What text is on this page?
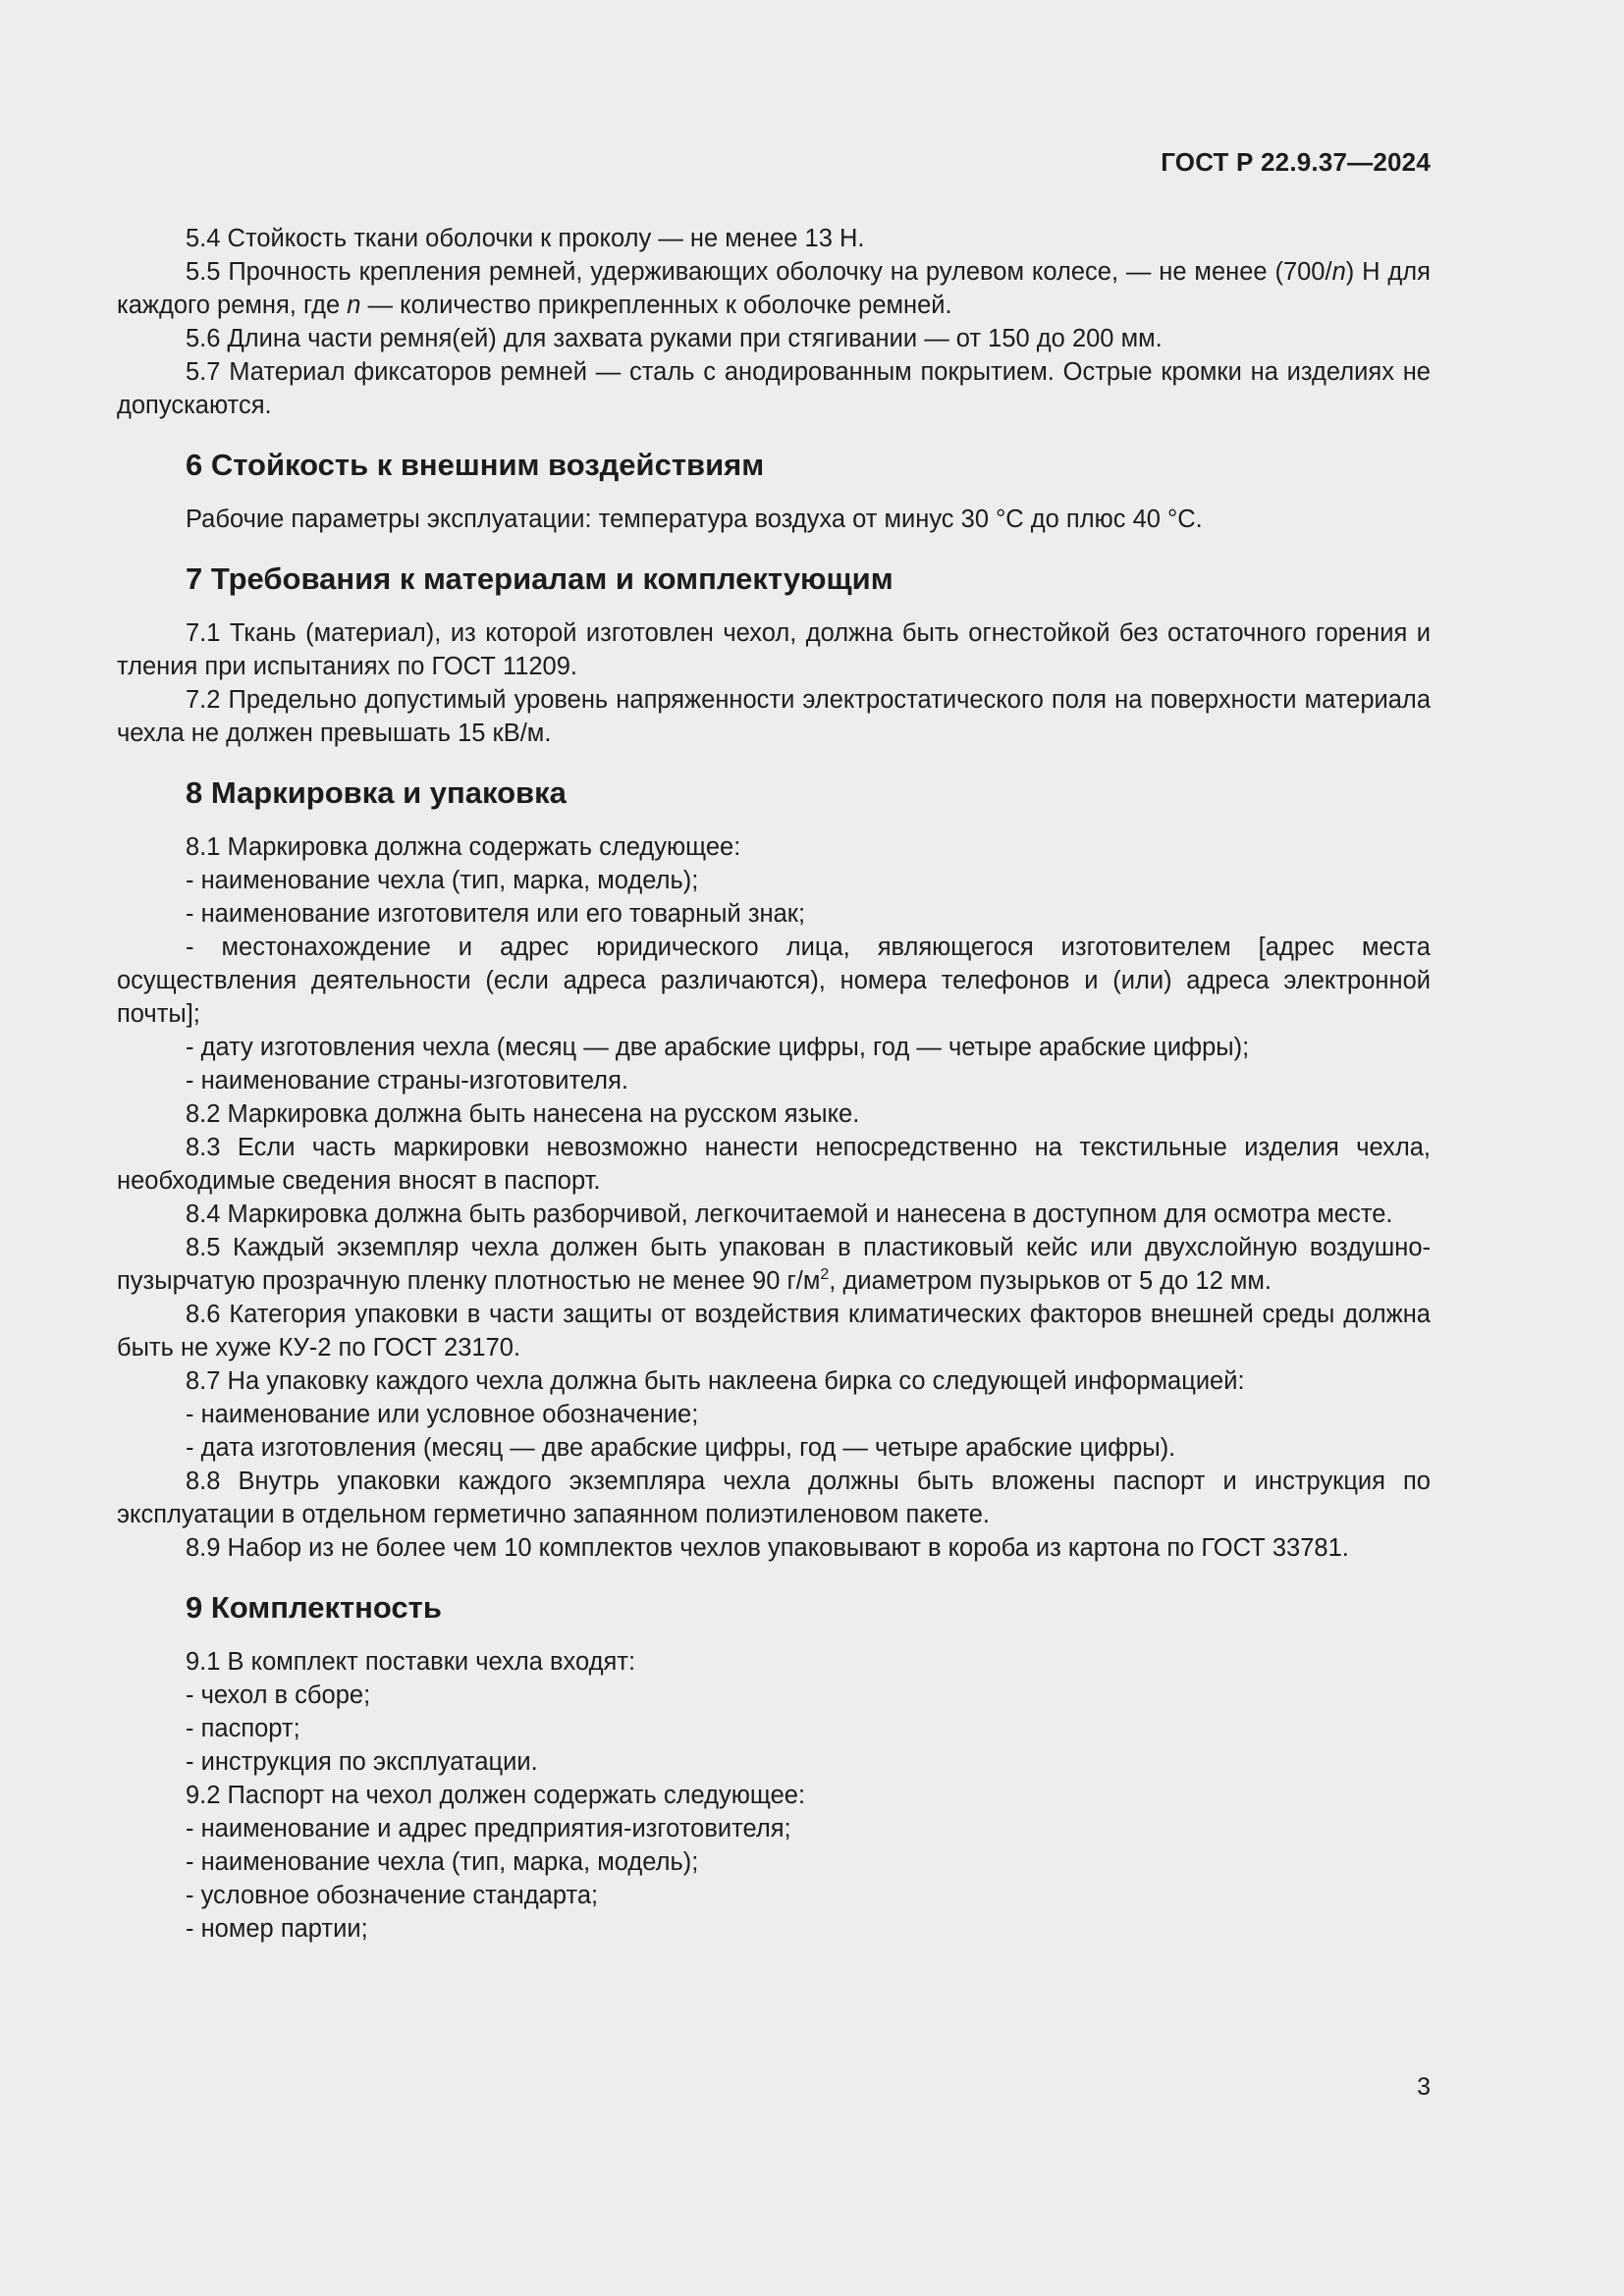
ГОСТ Р 22.9.37—2024

5.4 Стойкость ткани оболочки к проколу — не менее 13 Н.

5.5 Прочность крепления ремней, удерживающих оболочку на рулевом колесе, — не менее (700/n) Н для каждого ремня, где n — количество прикрепленных к оболочке ремней.

5.6 Длина части ремня(ей) для захвата руками при стягивании — от 150 до 200 мм.

5.7 Материал фиксаторов ремней — сталь с анодированным покрытием. Острые кромки на изделиях не допускаются.

6 Стойкость к внешним воздействиям

Рабочие параметры эксплуатации: температура воздуха от минус 30 °С до плюс 40 °С.

7 Требования к материалам и комплектующим

7.1 Ткань (материал), из которой изготовлен чехол, должна быть огнестойкой без остаточного горения и тления при испытаниях по ГОСТ 11209.

7.2 Предельно допустимый уровень напряженности электростатического поля на поверхности материала чехла не должен превышать 15 кВ/м.

8 Маркировка и упаковка

8.1 Маркировка должна содержать следующее:

- наименование чехла (тип, марка, модель);

- наименование изготовителя или его товарный знак;

- местонахождение и адрес юридического лица, являющегося изготовителем [адрес места осуществления деятельности (если адреса различаются), номера телефонов и (или) адреса электронной почты];

- дату изготовления чехла (месяц — две арабские цифры, год — четыре арабские цифры);

- наименование страны-изготовителя.

8.2 Маркировка должна быть нанесена на русском языке.

8.3 Если часть маркировки невозможно нанести непосредственно на текстильные изделия чехла, необходимые сведения вносят в паспорт.

8.4 Маркировка должна быть разборчивой, легкочитаемой и нанесена в доступном для осмотра месте.

8.5 Каждый экземпляр чехла должен быть упакован в пластиковый кейс или двухслойную воздушно-пузырчатую прозрачную пленку плотностью не менее 90 $г/м^2$, диаметром пузырьков от 5 до 12 мм.

8.6 Категория упаковки в части защиты от воздействия климатических факторов внешней среды должна быть не хуже КУ-2 по ГОСТ 23170.

8.7 На упаковку каждого чехла должна быть наклеена бирка со следующей информацией:

- наименование или условное обозначение;

- дата изготовления (месяц — две арабские цифры, год — четыре арабские цифры).

8.8 Внутрь упаковки каждого экземпляра чехла должны быть вложены паспорт и инструкция по эксплуатации в отдельном герметично запаянном полиэтиленовом пакете.

8.9 Набор из не более чем 10 комплектов чехлов упаковывают в короба из картона по ГОСТ 33781.

9 Комплектность

9.1 В комплект поставки чехла входят:

- чехол в сборе;

- паспорт;

- инструкция по эксплуатации.

9.2 Паспорт на чехол должен содержать следующее:

- наименование и адрес предприятия-изготовителя;

- наименование чехла (тип, марка, модель);

- условное обозначение стандарта;

- номер партии;

3
